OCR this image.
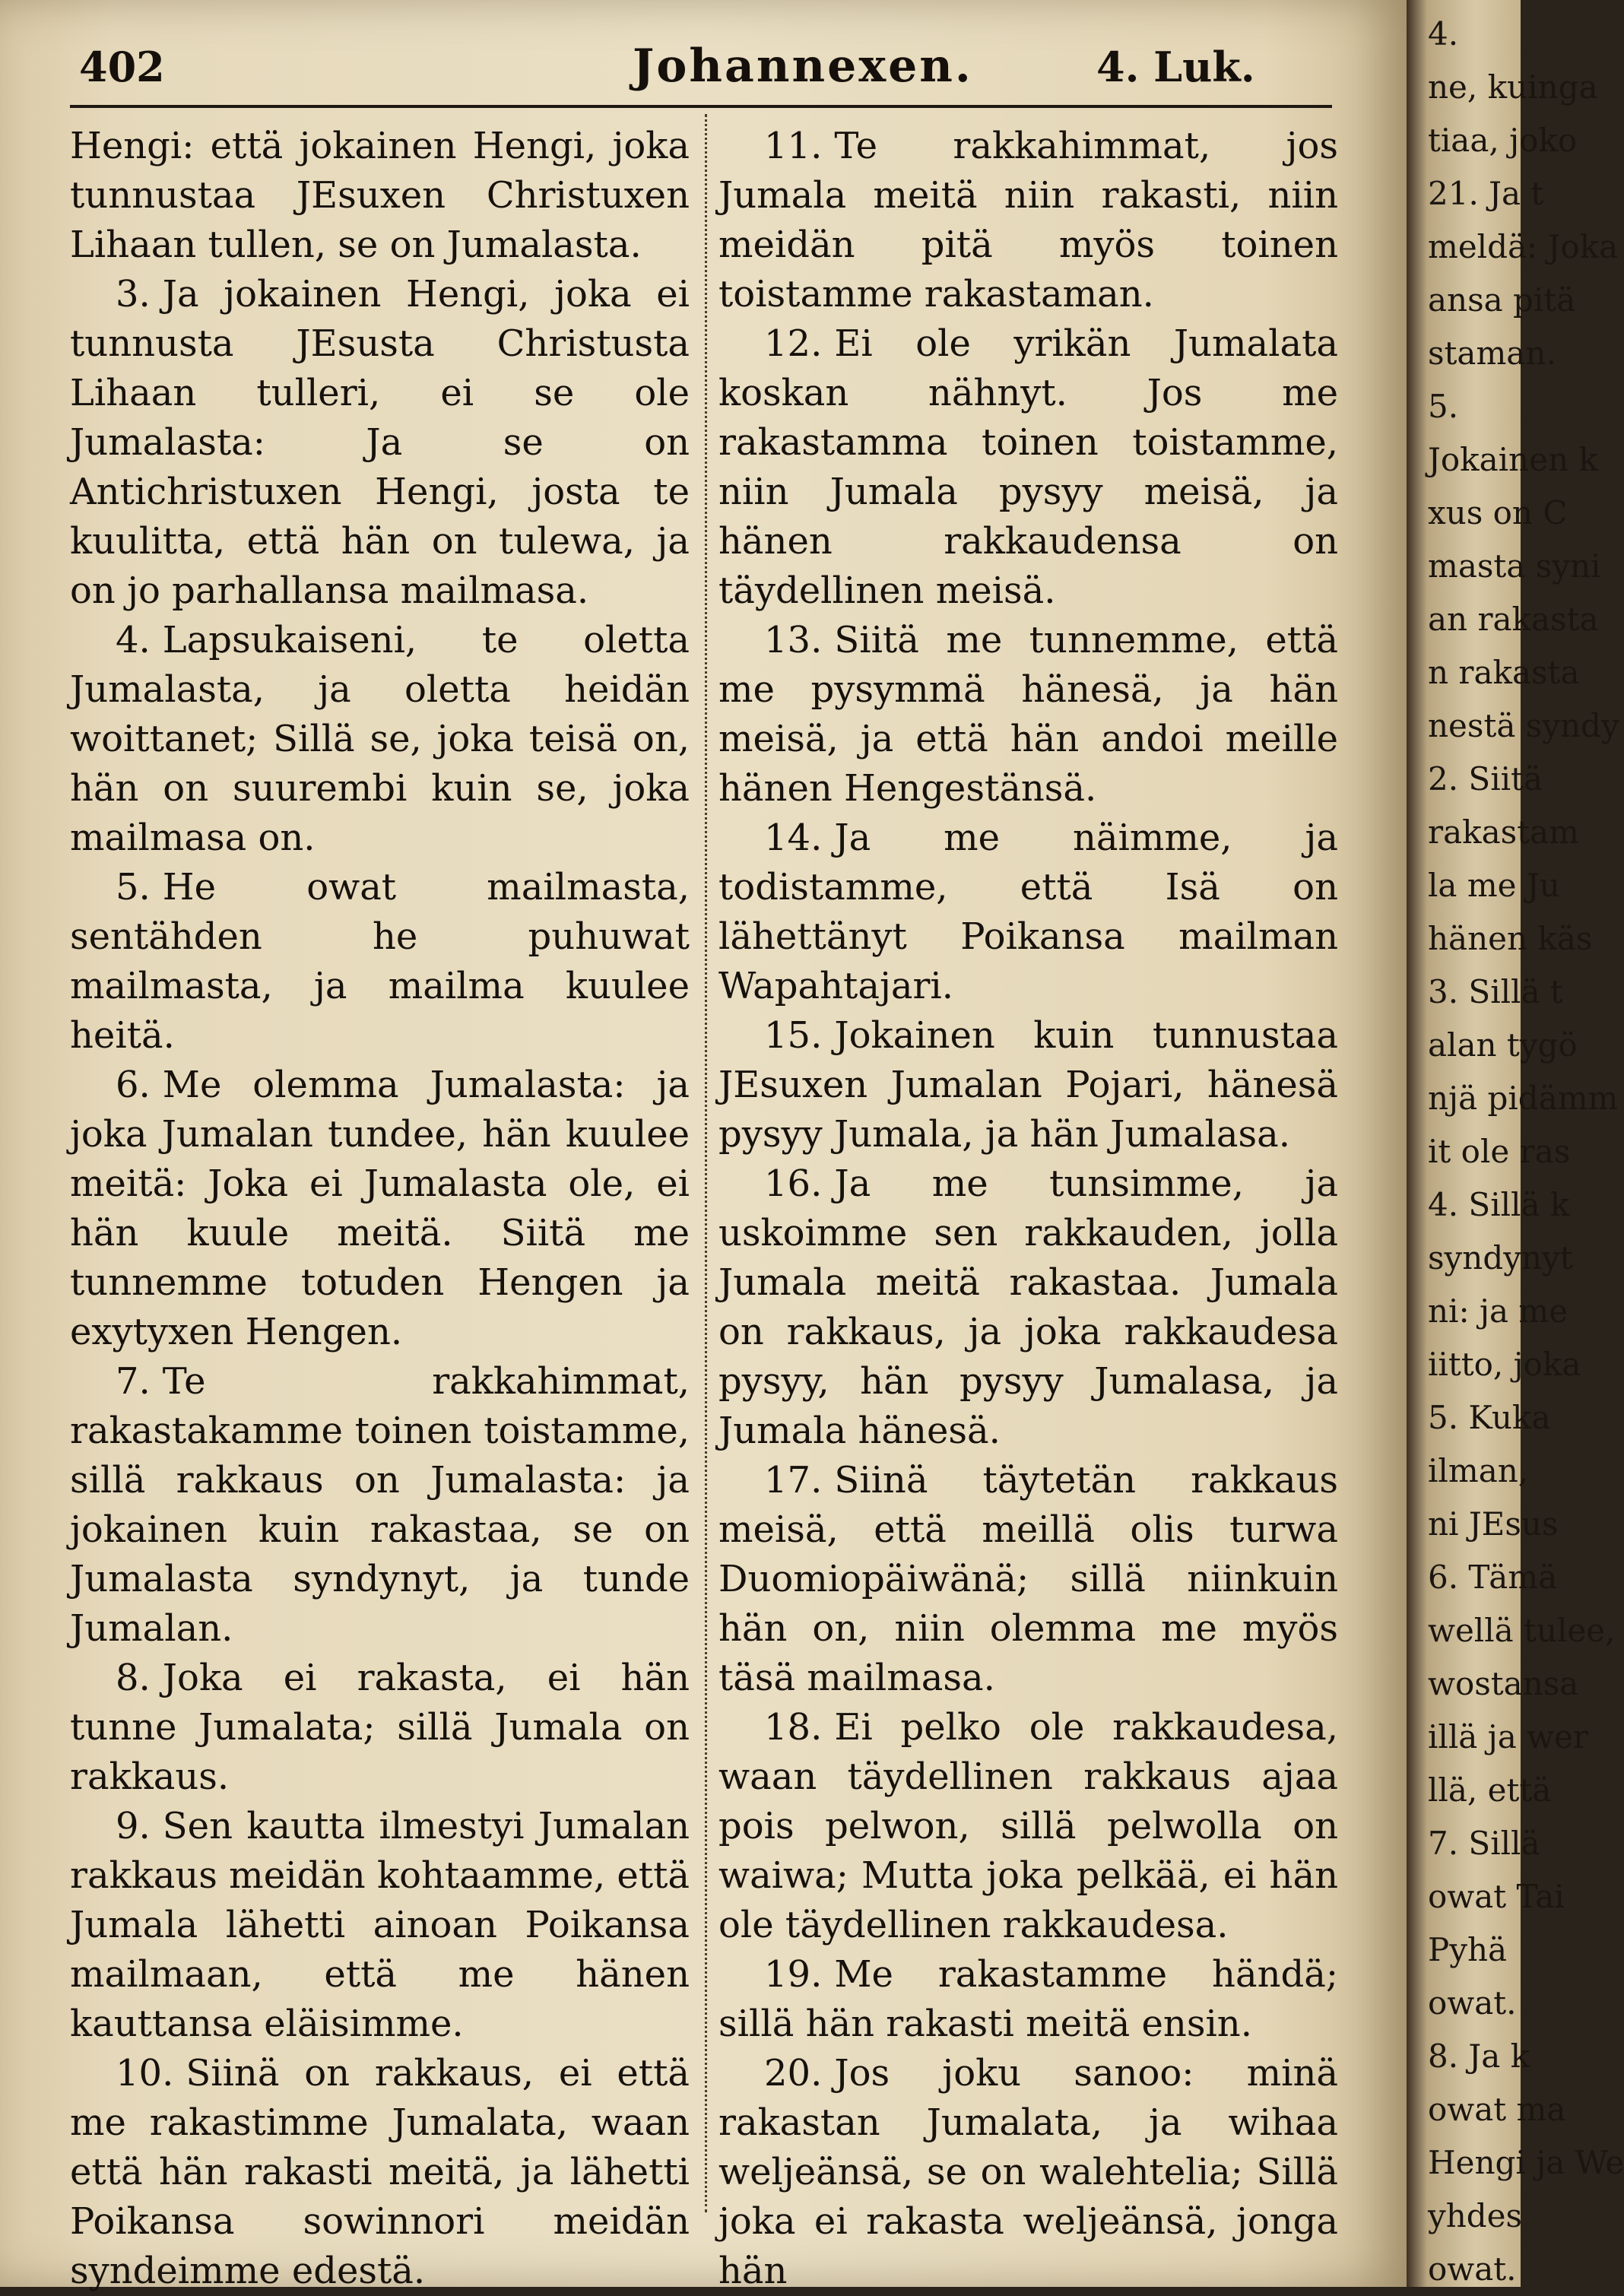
402	Johannexen.	4. Luk.

Hengi: että jokainen Hengi, joka tunnustaa JEsuxen Christuxen Lihaan tullen, se on Jumalasta.

3. Ja jokainen Hengi, joka ei tunnusta JEsusta Christusta Lihaan tulleri, ei se ole Jumalasta: Ja se on Antichristuxen Hengi, josta te kuulitta, että hän on tulewa, ja on jo parhallansa mailmasa.

4. Lapsukaiseni, te oletta Jumalasta, ja oletta heidän woittanet; Sillä se, joka teisä on, hän on suurembi kuin se, joka mailmasa on.

5. He owat mailmasta, sentähden he puhuwat mailmasta, ja mailma kuulee heitä.

6. Me olemma Jumalasta: ja joka Jumalan tundee, hän kuulee meitä: Joka ei Jumalasta ole, ei hän kuule meitä. Siitä me tunnemme totuden Hengen ja exytyxen Hengen.

7. Te rakkahimmat, rakastakamme toinen toistamme, sillä rakkaus on Jumalasta: ja jokainen kuin rakastaa, se on Jumalasta syndynyt, ja tunde Jumalan.

8. Joka ei rakasta, ei hän tunne Jumalata; sillä Jumala on rakkaus.

9. Sen kautta ilmestyi Jumalan rakkaus meidän kohtaamme, että Jumala lähetti ainoan Poikansa mailmaan, että me hänen kauttansa eläisimme.

10. Siinä on rakkaus, ei että me rakastimme Jumalata, waan että hän rakasti meitä, ja lähetti Poikansa sowinnori meidän syndeimme edestä.

11. Te rakkahimmat, jos Jumala meitä niin rakasti, niin meidän pitä myös toinen toistamme rakastaman.

12. Ei ole yrikän Jumalata koskan nähnyt. Jos me rakastamma toinen toistamme, niin Jumala pysyy meisä, ja hänen rakkaudensa on täydellinen meisä.

13. Siitä me tunnemme, että me pysymmä hänesä, ja hän meisä, ja että hän andoi meille hänen Hengestänsä.

14. Ja me näimme, ja todistamme, että Isä on lähettänyt Poikansa mailman Wapahtajari.

15. Jokainen kuin tunnustaa JEsuxen Jumalan Pojari, hänesä pysyy Jumala, ja hän Jumalasa.

16. Ja me tunsimme, ja uskoimme sen rakkauden, jolla Jumala meitä rakastaa. Jumala on rakkaus, ja joka rakkaudesa pysyy, hän pysyy Jumalasa, ja Jumala hänesä.

17. Siinä täytetän rakkaus meisä, että meillä olis turwa Duomiopäiwänä; sillä niinkuin hän on, niin olemma me myös täsä mailmasa.

18. Ei pelko ole rakkaudesa, waan täydellinen rakkaus ajaa pois pelwon, sillä pelwolla on waiwa; Mutta joka pelkää, ei hän ole täydellinen rakkaudesa.

19. Me rakastamme händä; sillä hän rakasti meitä ensin.

20. Jos joku sanoo: minä rakastan Jumalata, ja wihaa weljeänsä, se on walehtelia; Sillä joka ei rakasta weljeänsä, jonga hän

4.
ne, kuinga
tiaa, joko
21. Ja t
meldä: Joka
ansa pitä
staman.
5.
Jokainen k
xus on C
masta syni
an rakasta
n rakasta
nestä syndy
2. Siitä
rakastam
la me Ju
hänen käs
3. Sillä t
alan tygö
njä pidämm
it ole ras
4. Sillä k
syndynyt
ni: ja me
iitto, joka
5. Kuka
ilman,
ni JEsus
6. Tämä
wellä tulee,
wostansa
illä ja wer
llä, että
7. Sillä
owat Tai
Pyhä
owat.
8. Ja k
owat ma
Hengi ja We
yhdes
owat.
